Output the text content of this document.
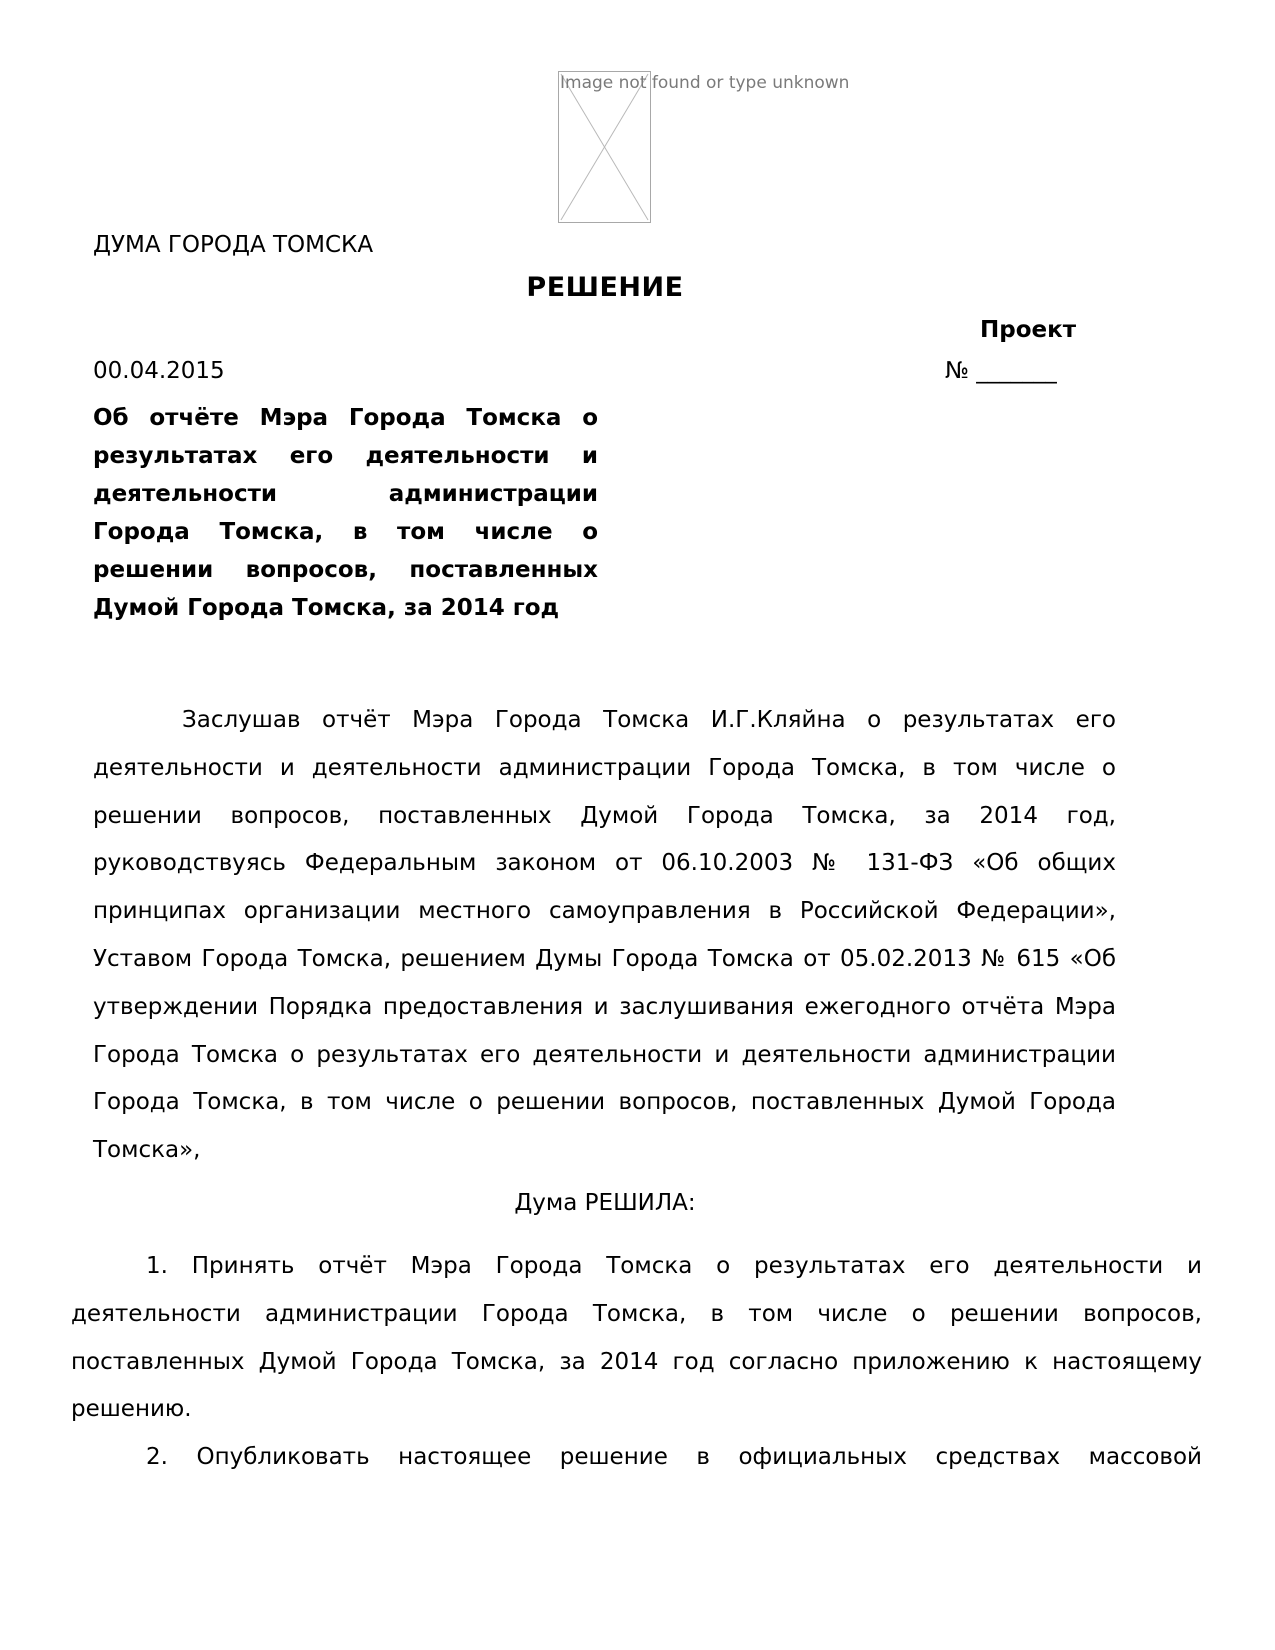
Image not found or type unknown
ДУМА ГОРОДА ТОМСКА
РЕШЕНИЕ
Проект
00.04.2015	№ _______
Об отчёте Мэра Города Томска о результатах его деятельности и деятельности администрации Города Томска, в том числе о решении вопросов, поставленных Думой Города Томска, за 2014 год
Заслушав отчёт Мэра Города Томска И.Г.Кляйна о результатах его деятельности и деятельности администрации Города Томска, в том числе о решении вопросов, поставленных Думой Города Томска, за 2014 год, руководствуясь Федеральным законом от 06.10.2003 № 131-ФЗ «Об общих принципах организации местного самоуправления в Российской Федерации», Уставом Города Томска, решением Думы Города Томска от 05.02.2013 № 615 «Об утверждении Порядка предоставления и заслушивания ежегодного отчёта Мэра Города Томска о результатах его деятельности и деятельности администрации Города Томска, в том числе о решении вопросов, поставленных Думой Города Томска»,
Дума РЕШИЛА:
1. Принять отчёт Мэра Города Томска о результатах его деятельности и деятельности администрации Города Томска, в том числе о решении вопросов, поставленных Думой Города Томска, за 2014 год согласно приложению к настоящему решению.
2. Опубликовать настоящее решение в официальных средствах массовой
